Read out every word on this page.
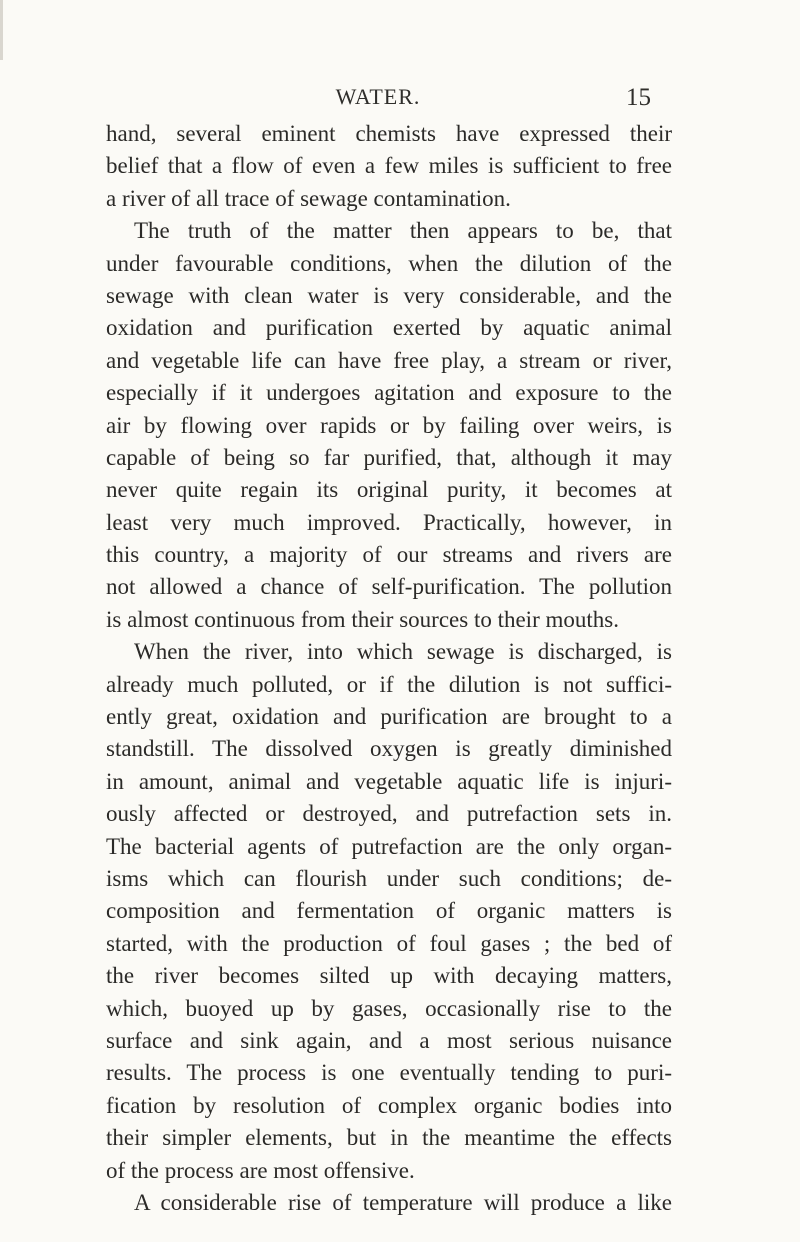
WATER.	15
hand, several eminent chemists have expressed their
belief that a flow of even a few miles is sufficient to free
a river of all trace of sewage contamination.
The truth of the matter then appears to be, that
under favourable conditions, when the dilution of the
sewage with clean water is very considerable, and the
oxidation and purification exerted by aquatic animal
and vegetable life can have free play, a stream or river,
especially if it undergoes agitation and exposure to the
air by flowing over rapids or by failing over weirs, is
capable of being so far purified, that, although it may
never quite regain its original purity, it becomes at
least very much improved. Practically, however, in
this country, a majority of our streams and rivers are
not allowed a chance of self-purification. The pollution
is almost continuous from their sources to their mouths.
When the river, into which sewage is discharged, is
already much polluted, or if the dilution is not suffici-
ently great, oxidation and purification are brought to a
standstill. The dissolved oxygen is greatly diminished
in amount, animal and vegetable aquatic life is injuri-
ously affected or destroyed, and putrefaction sets in.
The bacterial agents of putrefaction are the only organ-
isms which can flourish under such conditions; de-
composition and fermentation of organic matters is
started, with the production of foul gases ; the bed of
the river becomes silted up with decaying matters,
which, buoyed up by gases, occasionally rise to the
surface and sink again, and a most serious nuisance
results. The process is one eventually tending to puri-
fication by resolution of complex organic bodies into
their simpler elements, but in the meantime the effects
of the process are most offensive.
A considerable rise of temperature will produce a like
